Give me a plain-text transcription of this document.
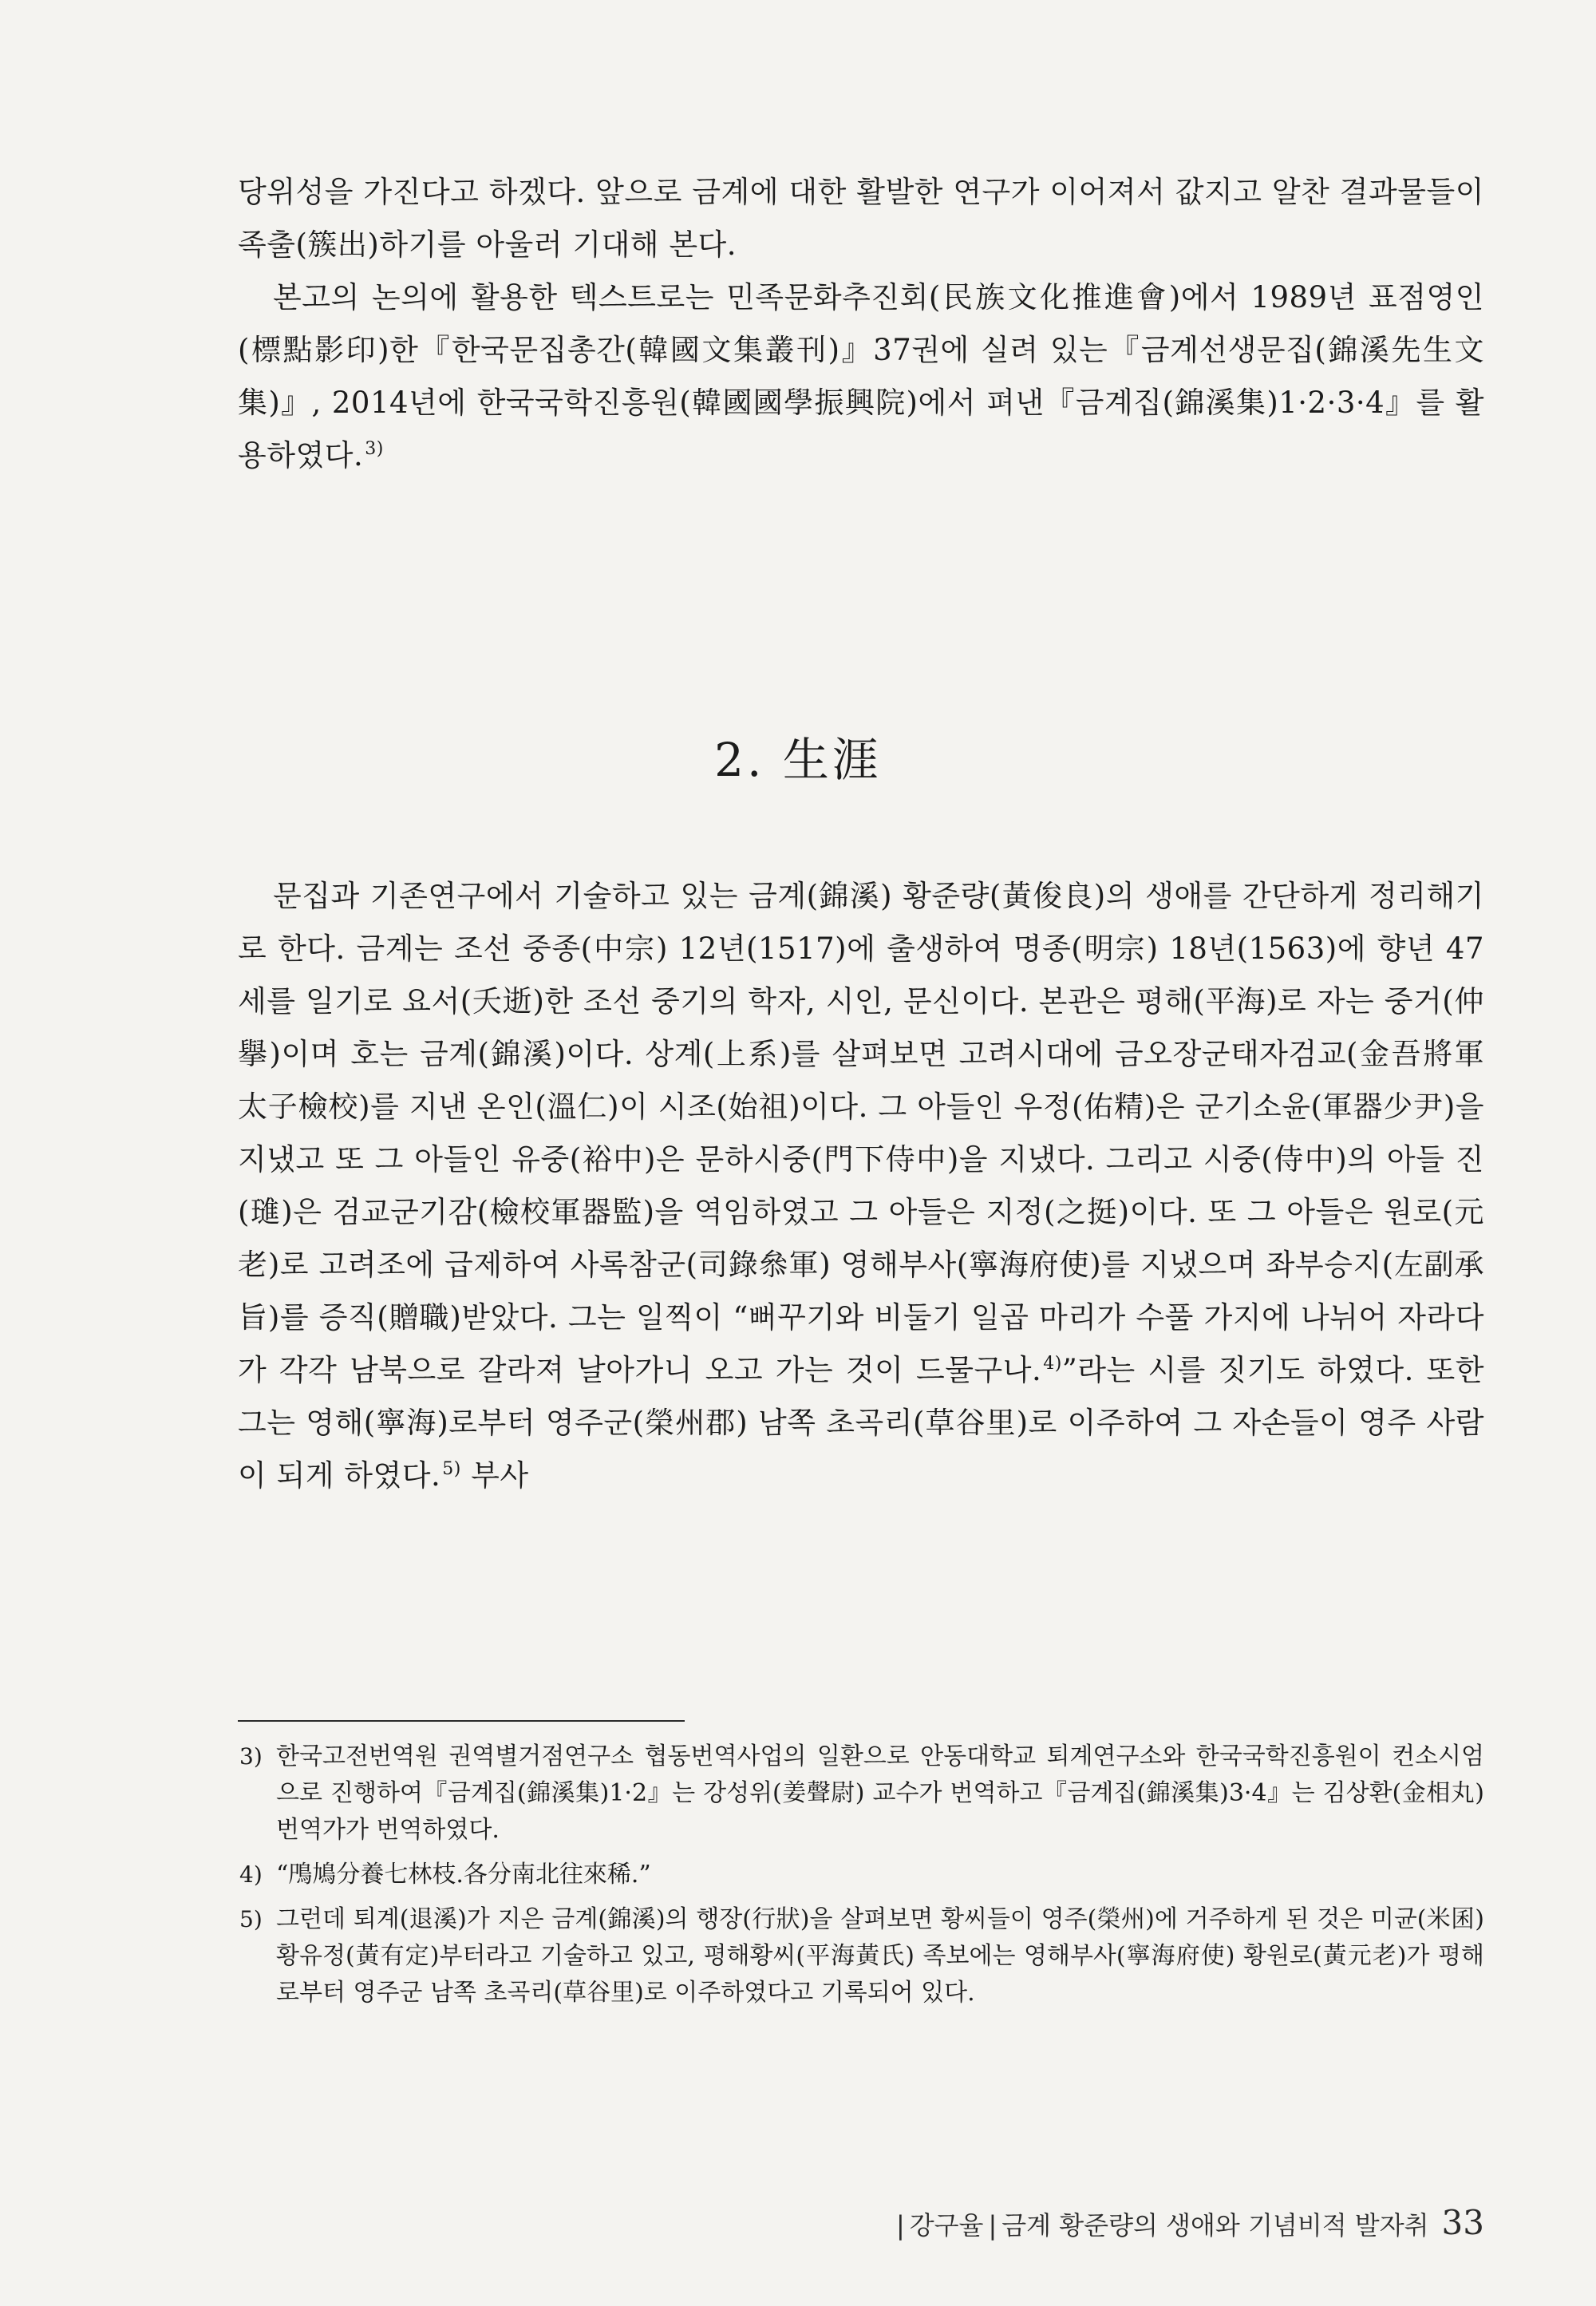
당위성을 가진다고 하겠다. 앞으로 금계에 대한 활발한 연구가 이어져서 값지고 알찬 결과물들이 족출(簇出)하기를 아울러 기대해 본다.

본고의 논의에 활용한 텍스트로는 민족문화추진회(民族文化推進會)에서 1989년 표점영인(標點影印)한『한국문집총간(韓國文集叢刊)』37권에 실려 있는『금계선생문집(錦溪先生文集)』, 2014년에 한국국학진흥원(韓國國學振興院)에서 펴낸『금계집(錦溪集)1·2·3·4』를 활용하였다.$^{3)}$

2. 生涯

문집과 기존연구에서 기술하고 있는 금계(錦溪) 황준량(黃俊良)의 생애를 간단하게 정리해기로 한다. 금계는 조선 중종(中宗) 12년(1517)에 출생하여 명종(明宗) 18년(1563)에 향년 47세를 일기로 요서(夭逝)한 조선 중기의 학자, 시인, 문신이다. 본관은 평해(平海)로 자는 중거(仲擧)이며 호는 금계(錦溪)이다. 상계(上系)를 살펴보면 고려시대에 금오장군태자검교(金吾將軍太子檢校)를 지낸 온인(溫仁)이 시조(始祖)이다. 그 아들인 우정(佑精)은 군기소윤(軍器少尹)을 지냈고 또 그 아들인 유중(裕中)은 문하시중(門下侍中)을 지냈다. 그리고 시중(侍中)의 아들 진(璡)은 검교군기감(檢校軍器監)을 역임하였고 그 아들은 지정(之挺)이다. 또 그 아들은 원로(元老)로 고려조에 급제하여 사록참군(司錄叅軍) 영해부사(寧海府使)를 지냈으며 좌부승지(左副承旨)를 증직(贈職)받았다. 그는 일찍이 “뻐꾸기와 비둘기 일곱 마리가 수풀 가지에 나뉘어 자라다가 각각 남북으로 갈라져 날아가니 오고 가는 것이 드물구나.$^{4)}$”라는 시를 짓기도 하였다. 또한 그는 영해(寧海)로부터 영주군(榮州郡) 남쪽 초곡리(草谷里)로 이주하여 그 자손들이 영주 사람이 되게 하였다.$^{5)}$ 부사

3) 한국고전번역원 권역별거점연구소 협동번역사업의 일환으로 안동대학교 퇴계연구소와 한국국학진흥원이 컨소시엄으로 진행하여『금계집(錦溪集)1·2』는 강성위(姜聲尉) 교수가 번역하고『금계집(錦溪集)3·4』는 김상환(金相丸) 번역가가 번역하였다.
4) “鳲鳩分養七林枝.各分南北往來稀.”
5) 그런데 퇴계(退溪)가 지은 금계(錦溪)의 행장(行狀)을 살펴보면 황씨들이 영주(榮州)에 거주하게 된 것은 미균(米囷) 황유정(黃有定)부터라고 기술하고 있고, 평해황씨(平海黃氏) 족보에는 영해부사(寧海府使) 황원로(黃元老)가 평해로부터 영주군 남쪽 초곡리(草谷里)로 이주하였다고 기록되어 있다.
| 강구율 | 금계 황준량의 생애와 기념비적 발자취 33
